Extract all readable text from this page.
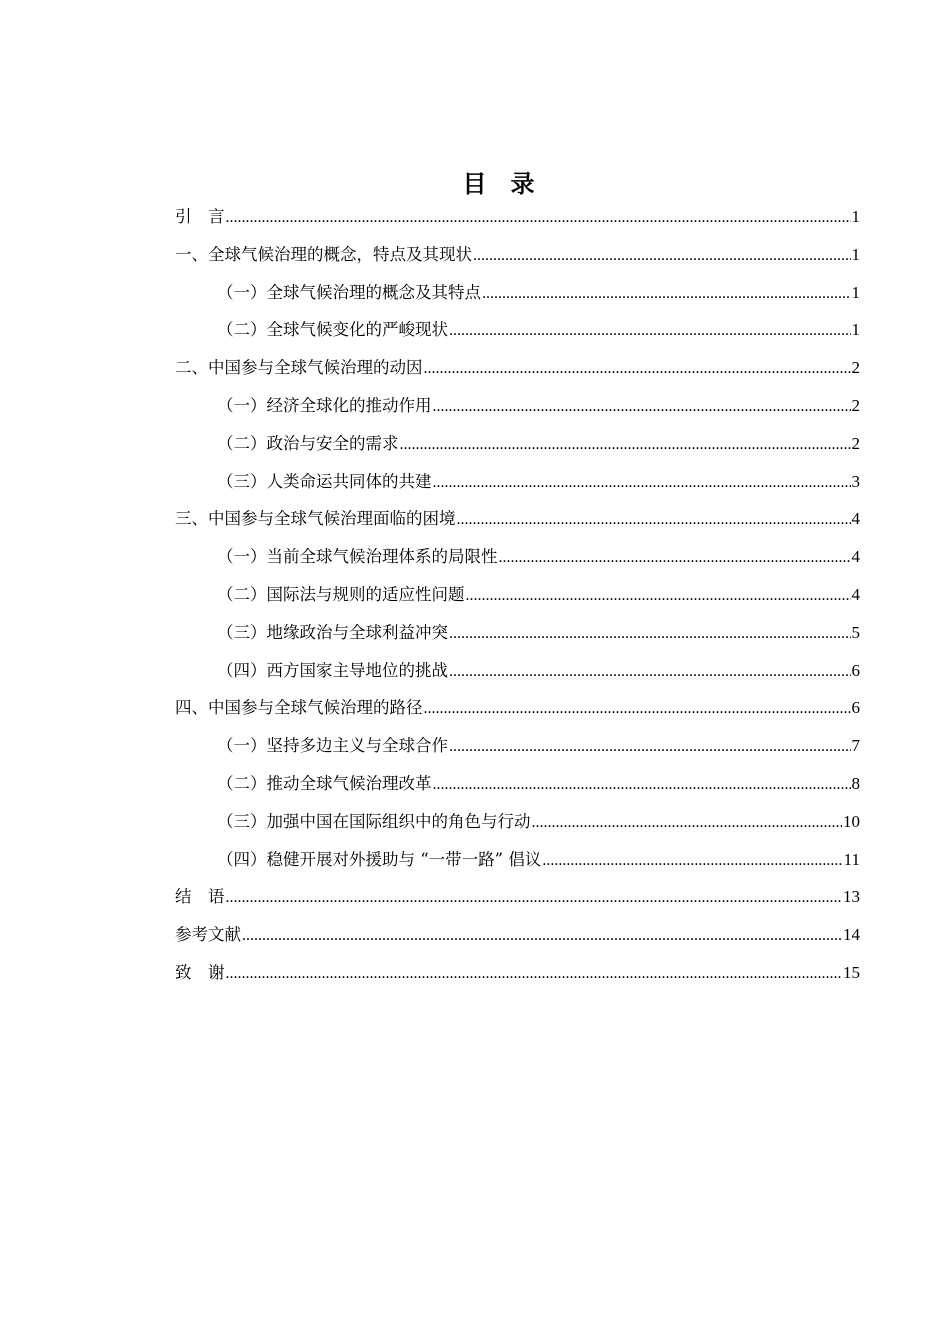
目　录
引　言 .....	1
一、全球气候治理的概念，特点及其现状 .....	1
（一）全球气候治理的概念及其特点 .....	1
（二）全球气候变化的严峻现状 .....	1
二、中国参与全球气候治理的动因 .....	2
（一）经济全球化的推动作用 .....	2
（二）政治与安全的需求 .....	2
（三）人类命运共同体的共建 .....	3
三、中国参与全球气候治理面临的困境 .....	4
（一）当前全球气候治理体系的局限性 .....	4
（二）国际法与规则的适应性问题 .....	4
（三）地缘政治与全球利益冲突 .....	5
（四）西方国家主导地位的挑战 .....	6
四、中国参与全球气候治理的路径 .....	6
（一）坚持多边主义与全球合作 .....	7
（二）推动全球气候治理改革 .....	8
（三）加强中国在国际组织中的角色与行动 .....	10
（四）稳健开展对外援助与 “一带一路” 倡议 .....	11
结　语 .....	13
参考文献 .....	14
致　谢 .....	15
